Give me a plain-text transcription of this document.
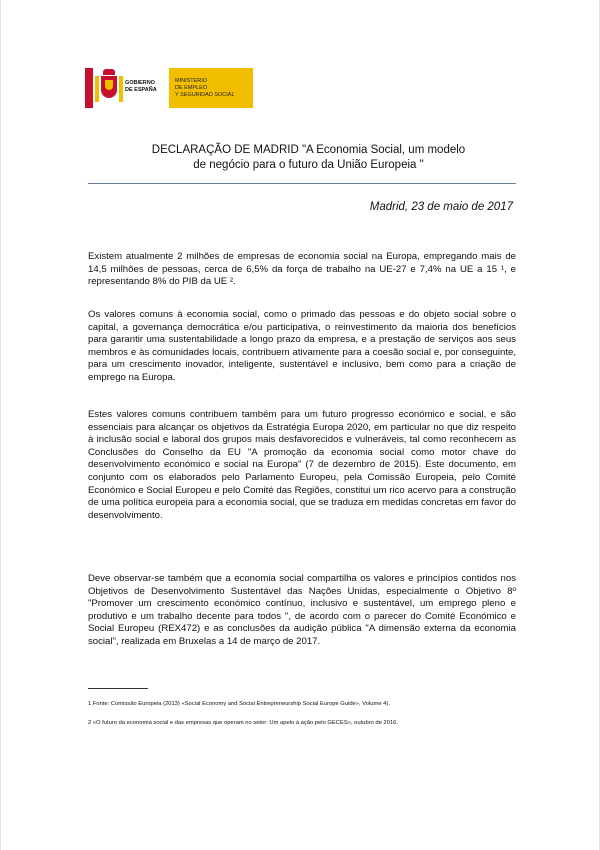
GOBIERNO
DE ESPAÑA
MINISTERIO
DE EMPLEO
Y SEGURIDAD SOCIAL
DECLARAÇÃO DE MADRID "A Economia Social, um modelo
de negócio para o futuro da União Europeia "
Madrid, 23 de maio de 2017

Existem atualmente 2 milhões de empresas de economia social na Europa, empregando mais de 14,5 milhões de pessoas, cerca de 6,5% da força de trabalho na UE-27 e 7,4% na UE a 15 ¹, e representando 8% do PIB da UE ².

Os valores comuns à economia social, como o primado das pessoas e do objeto social sobre o capital, a governança democrática e/ou participativa, o reinvestimento da maioria dos benefícios para garantir uma sustentabilidade a longo prazo da empresa, e a prestação de serviços aos seus membros e às comunidades locais, contribuem ativamente para a coesão social e, por conseguinte, para um crescimento inovador, inteligente, sustentável e inclusivo, bem como para a criação de emprego na Europa.

Estes valores comuns contribuem também para um futuro progresso económico e social, e são essenciais para alcançar os objetivos da Estratégia Europa 2020, em particular no que diz respeito à inclusão social e laboral dos grupos mais desfavorecidos e vulneráveis, tal como reconhecem as Conclusões do Conselho da EU "A promoção da economia social como motor chave do desenvolvimento económico e social na Europa" (7 de dezembro de 2015). Este documento, em conjunto com os elaborados pelo Parlamento Europeu, pela Comissão Europeia, pelo Comité Económico e Social Europeu e pelo Comité das Regiões, constitui um rico acervo para a construção de uma política europeia para a economia social, que se traduza em medidas concretas em favor do desenvolvimento.

Deve observar-se também que a economia social compartilha os valores e princípios contidos nos Objetivos de Desenvolvimento Sustentável das Nações Unidas, especialmente o Objetivo 8º "Promover um crescimento económico contínuo, inclusivo e sustentável, um emprego pleno e produtivo e um trabalho decente para todos ", de acordo com o parecer do Comité Económico e Social Europeu (REX472) e as conclusões da audição pública "A dimensão externa da economia social", realizada em Bruxelas a 14 de março de 2017.

1 Fonte: Comissão Europeia (2013) «Social Economy and Social Entrepreneurship Social Europe Guide», Volume 4).

2 «O futuro da economia social e das empresas que operam no setor: Um apelo à ação pelo GECES», outubro de 2016.
